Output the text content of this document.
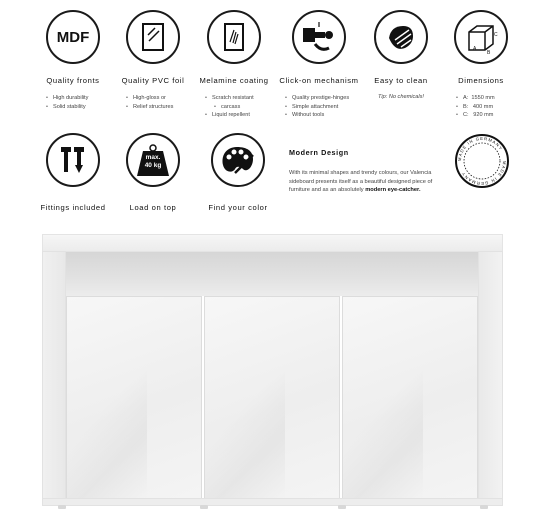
MDF
Quality fronts
• High durability
• Solid stability
Quality PVC foil
• High-gloss or
• Relief structures
Melamine coating
• Scratch resistant
• carcass
• Liquid repellent
Click-on mechanism
• Quality prestige-hinges
• Simple attachment
• Without tools
Easy to clean
Tip: No chemicals!
A
B
C
Dimensions
• A:  1550 mm
• B:   400 mm
• C:   920 mm
Fittings included
max.
40 kg
Load on top	Find your color
Modern Design

With its minimal shapes and trendy colours, our Valencia sideboard presents itself as a beautiful designed piece of furniture and as an absolutely modern eye-catcher.

MADE IN GERMANY
MADE IN GERMANY
